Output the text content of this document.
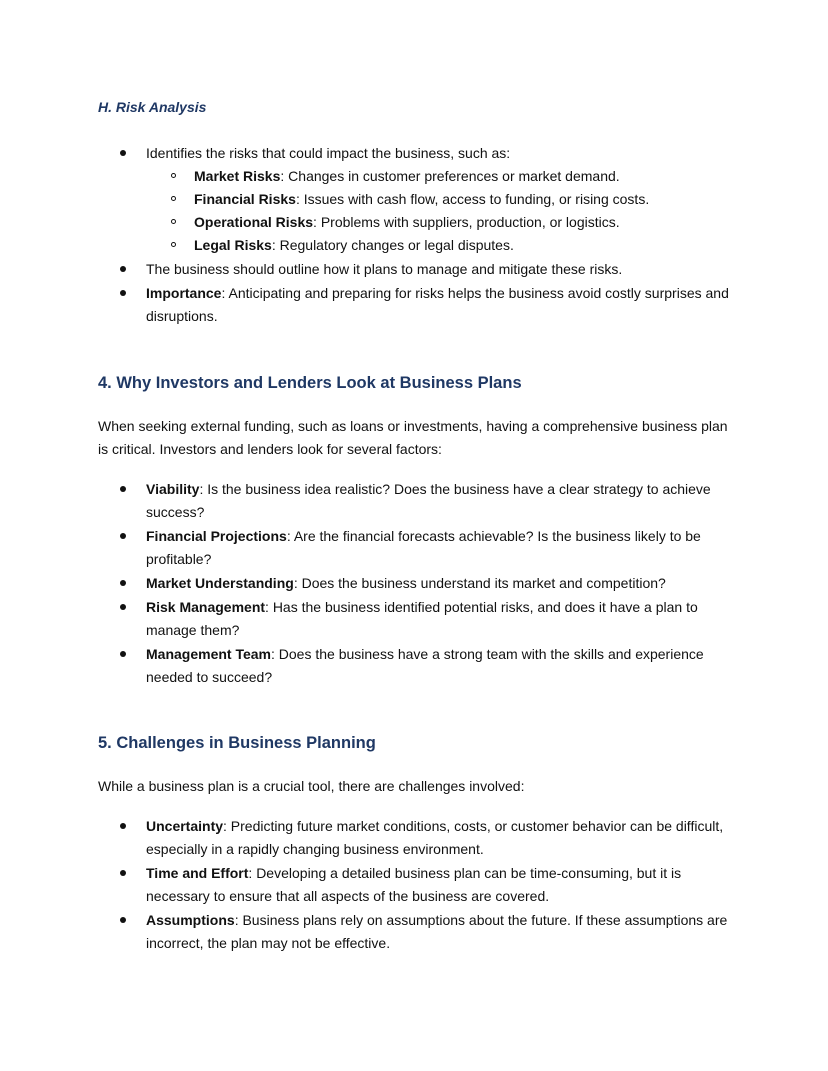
H. Risk Analysis
Identifies the risks that could impact the business, such as:
Market Risks: Changes in customer preferences or market demand.
Financial Risks: Issues with cash flow, access to funding, or rising costs.
Operational Risks: Problems with suppliers, production, or logistics.
Legal Risks: Regulatory changes or legal disputes.
The business should outline how it plans to manage and mitigate these risks.
Importance: Anticipating and preparing for risks helps the business avoid costly surprises and disruptions.
4. Why Investors and Lenders Look at Business Plans

When seeking external funding, such as loans or investments, having a comprehensive business plan is critical. Investors and lenders look for several factors:

Viability: Is the business idea realistic? Does the business have a clear strategy to achieve success?
Financial Projections: Are the financial forecasts achievable? Is the business likely to be profitable?
Market Understanding: Does the business understand its market and competition?
Risk Management: Has the business identified potential risks, and does it have a plan to manage them?
Management Team: Does the business have a strong team with the skills and experience needed to succeed?
5. Challenges in Business Planning

While a business plan is a crucial tool, there are challenges involved:

Uncertainty: Predicting future market conditions, costs, or customer behavior can be difficult, especially in a rapidly changing business environment.
Time and Effort: Developing a detailed business plan can be time-consuming, but it is necessary to ensure that all aspects of the business are covered.
Assumptions: Business plans rely on assumptions about the future. If these assumptions are incorrect, the plan may not be effective.
